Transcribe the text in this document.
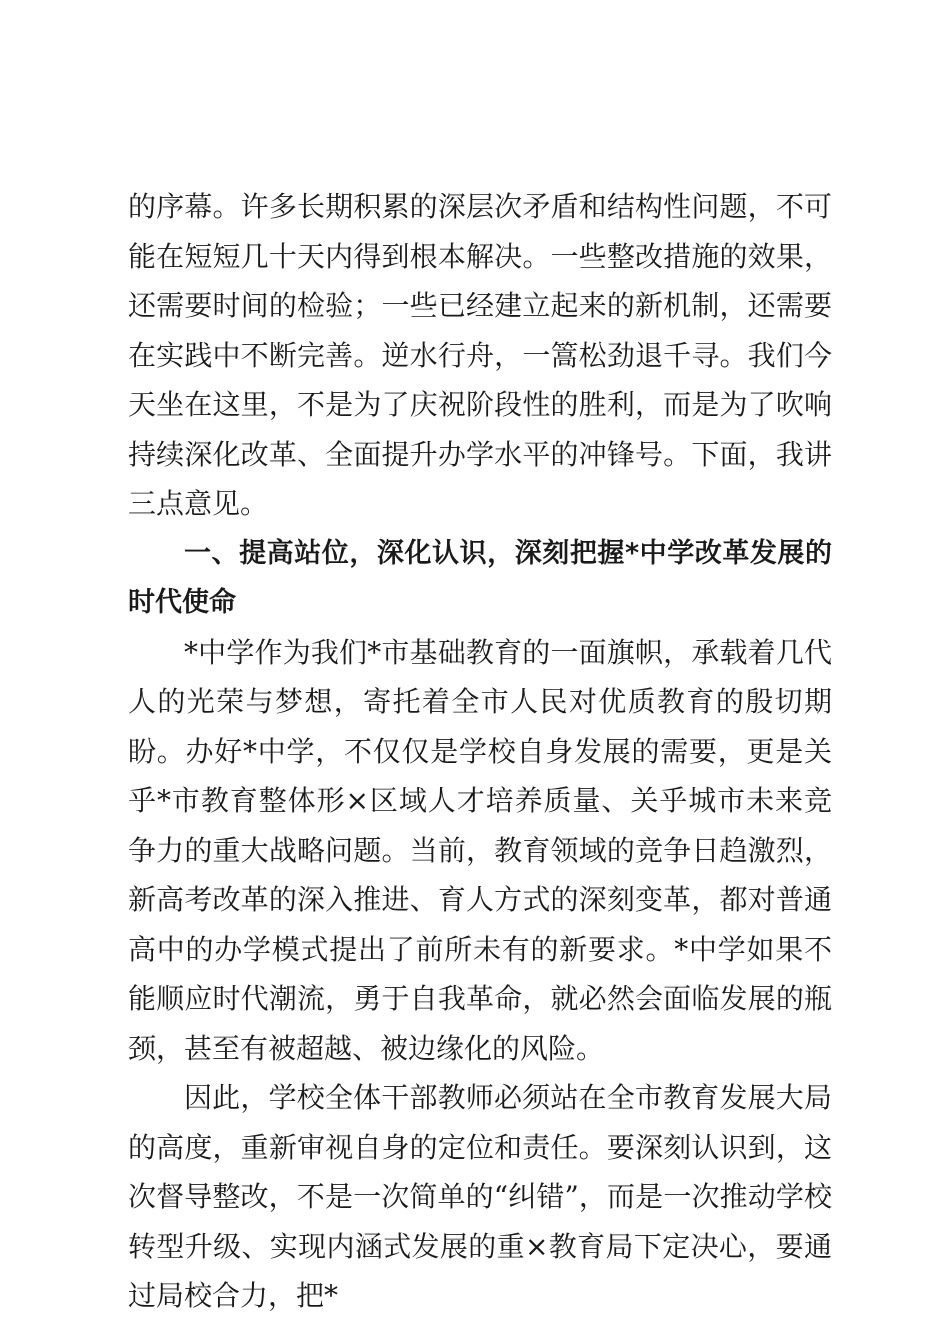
的序幕。许多长期积累的深层次矛盾和结构性问题，不可能在短短几十天内得到根本解决。一些整改措施的效果，还需要时间的检验；一些已经建立起来的新机制，还需要在实践中不断完善。逆水行舟，一篙松劲退千寻。我们今天坐在这里，不是为了庆祝阶段性的胜利，而是为了吹响持续深化改革、全面提升办学水平的冲锋号。下面，我讲三点意见。

一、提高站位，深化认识，深刻把握*中学改革发展的时代使命

*中学作为我们*市基础教育的一面旗帜，承载着几代人的光荣与梦想，寄托着全市人民对优质教育的殷切期盼。办好*中学，不仅仅是学校自身发展的需要，更是关乎*市教育整体形×区域人才培养质量、关乎城市未来竞争力的重大战略问题。当前，教育领域的竞争日趋激烈，新高考改革的深入推进、育人方式的深刻变革，都对普通高中的办学模式提出了前所未有的新要求。*中学如果不能顺应时代潮流，勇于自我革命，就必然会面临发展的瓶颈，甚至有被超越、被边缘化的风险。

因此，学校全体干部教师必须站在全市教育发展大局的高度，重新审视自身的定位和责任。要深刻认识到，这次督导整改，不是一次简单的“纠错”，而是一次推动学校转型升级、实现内涵式发展的重×教育局下定决心，要通过局校合力，把*
